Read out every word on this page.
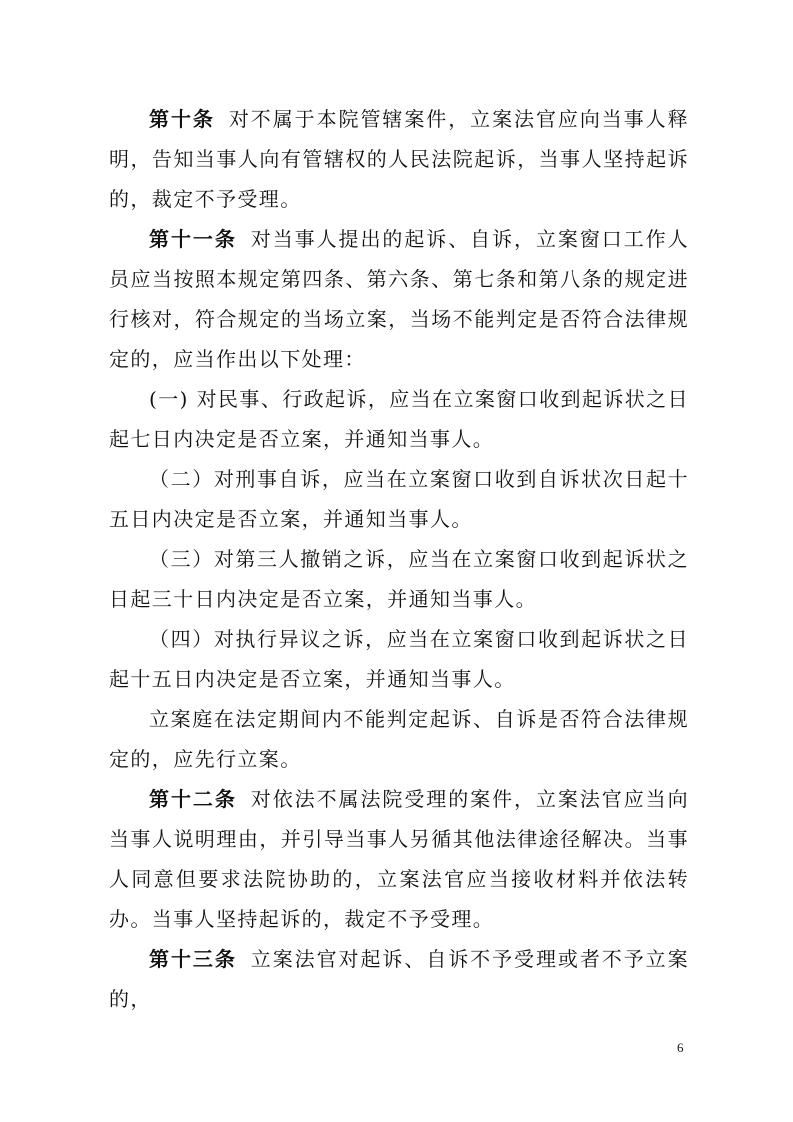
第十条 对不属于本院管辖案件，立案法官应向当事人释明，告知当事人向有管辖权的人民法院起诉，当事人坚持起诉的，裁定不予受理。

第十一条 对当事人提出的起诉、自诉，立案窗口工作人员应当按照本规定第四条、第六条、第七条和第八条的规定进行核对，符合规定的当场立案，当场不能判定是否符合法律规定的，应当作出以下处理：

(一) 对民事、行政起诉，应当在立案窗口收到起诉状之日起七日内决定是否立案，并通知当事人。

（二）对刑事自诉，应当在立案窗口收到自诉状次日起十五日内决定是否立案，并通知当事人。

（三）对第三人撤销之诉，应当在立案窗口收到起诉状之日起三十日内决定是否立案，并通知当事人。

（四）对执行异议之诉，应当在立案窗口收到起诉状之日起十五日内决定是否立案，并通知当事人。

立案庭在法定期间内不能判定起诉、自诉是否符合法律规定的，应先行立案。

第十二条 对依法不属法院受理的案件，立案法官应当向当事人说明理由，并引导当事人另循其他法律途径解决。当事人同意但要求法院协助的，立案法官应当接收材料并依法转办。当事人坚持起诉的，裁定不予受理。

第十三条 立案法官对起诉、自诉不予受理或者不予立案的，

6
